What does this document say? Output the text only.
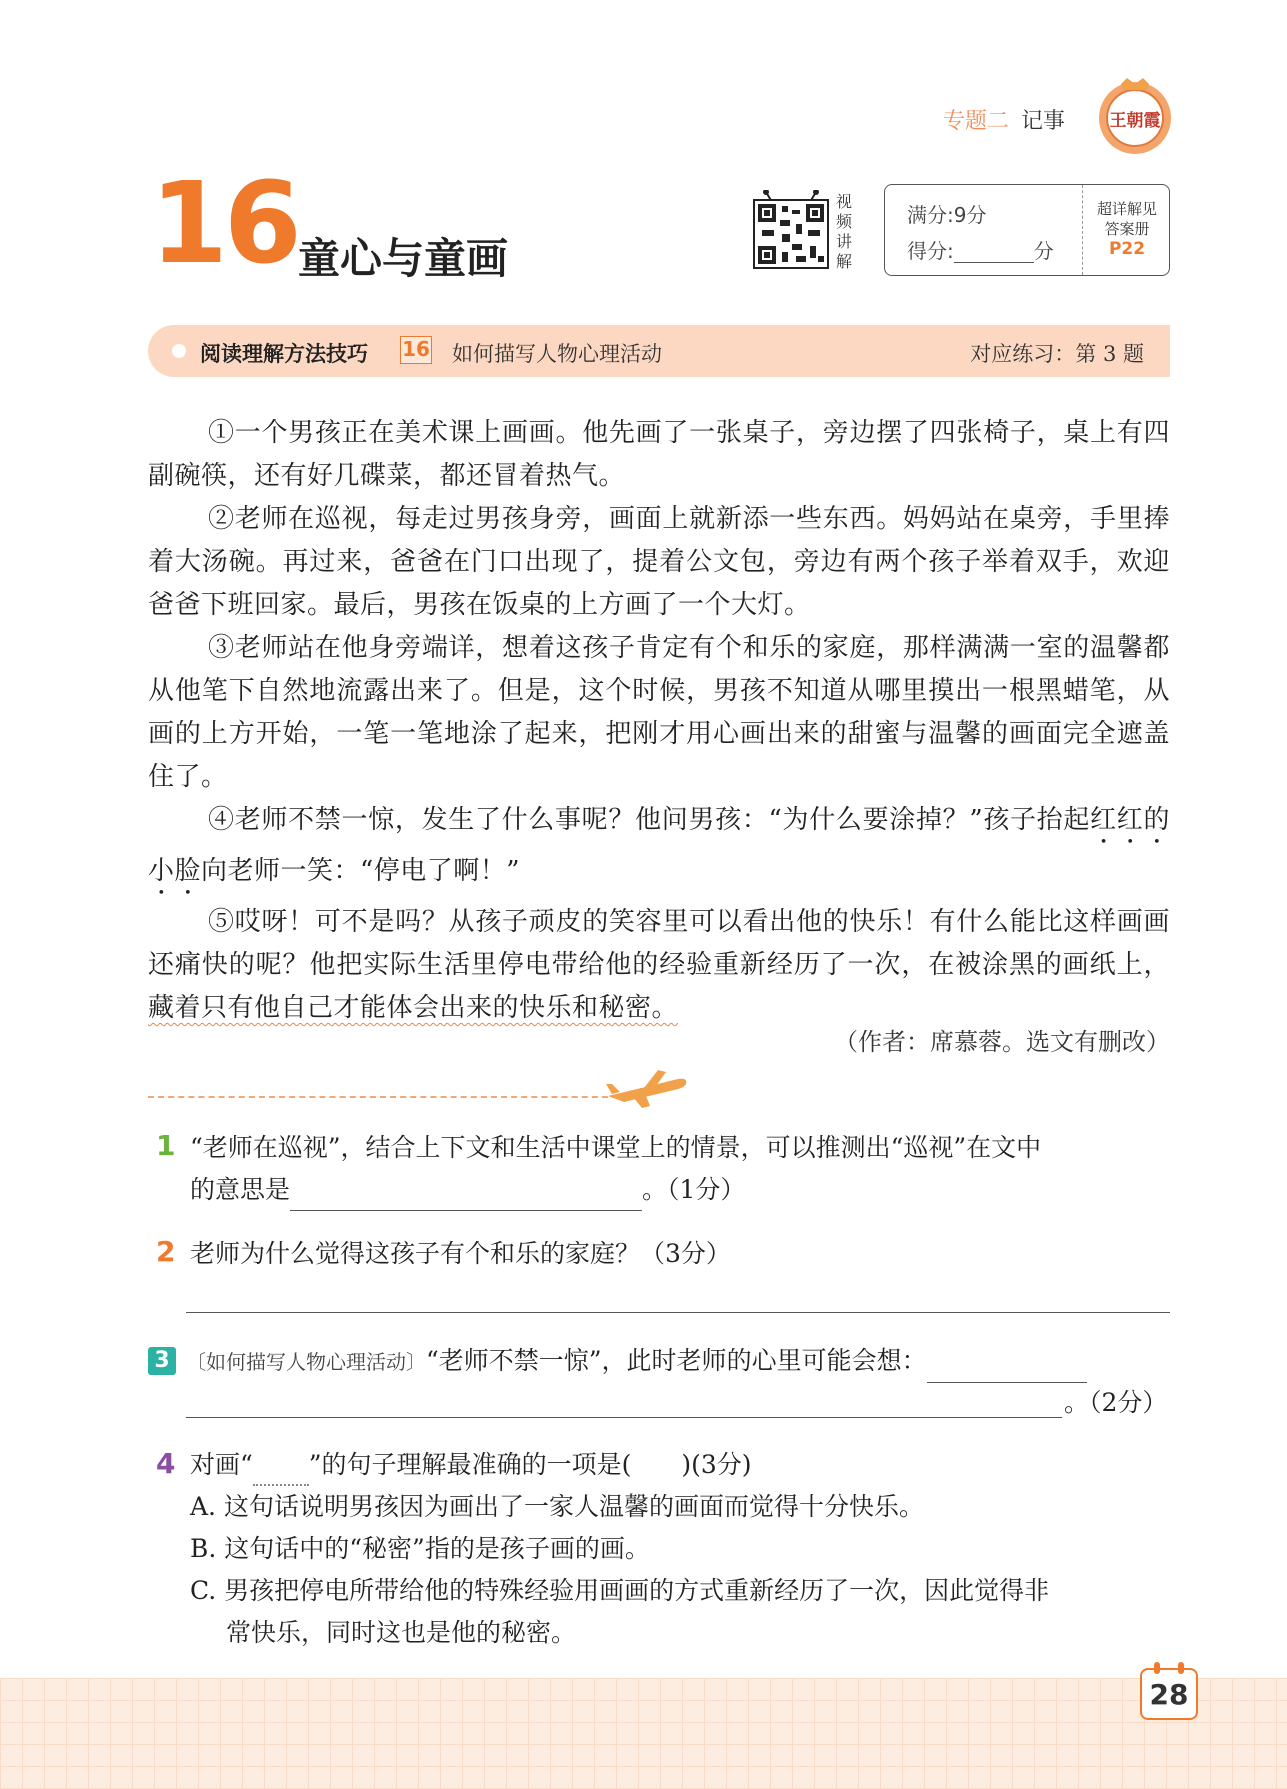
专题二 记事	王朝霞
16 童心与童画
视频讲解
满分:9分
得分:	分
超详解见
答案册
P22
阅读理解方法技巧 16 如何描写人物心理活动	对应练习：第 3 题

①一个男孩正在美术课上画画。他先画了一张桌子，旁边摆了四张椅子，桌上有四副碗筷，还有好几碟菜，都还冒着热气。

②老师在巡视，每走过男孩身旁，画面上就新添一些东西。妈妈站在桌旁，手里捧着大汤碗。再过来，爸爸在门口出现了，提着公文包，旁边有两个孩子举着双手，欢迎爸爸下班回家。最后，男孩在饭桌的上方画了一个大灯。

③老师站在他身旁端详，想着这孩子肯定有个和乐的家庭，那样满满一室的温馨都从他笔下自然地流露出来了。但是，这个时候，男孩不知道从哪里摸出一根黑蜡笔，从画的上方开始，一笔一笔地涂了起来，把刚才用心画出来的甜蜜与温馨的画面完全遮盖住了。

④老师不禁一惊，发生了什么事呢？他问男孩：“为什么要涂掉？”孩子抬起红红的小脸向老师一笑：“停电了啊！”

⑤哎呀！可不是吗？从孩子顽皮的笑容里可以看出他的快乐！有什么能比这样画画还痛快的呢？他把实际生活里停电带给他的经验重新经历了一次，在被涂黑的画纸上，藏着只有他自己才能体会出来的快乐和秘密。

（作者：席慕蓉。选文有删改）
1 “老师在巡视”，结合上下文和生活中课堂上的情景，可以推测出“巡视”在文中
的意思是	。（1分）
2 老师为什么觉得这孩子有个和乐的家庭？（3分）
3 〔如何描写人物心理活动〕“老师不禁一惊”，此时老师的心里可能会想：
。（2分）
4 对画“ ”的句子理解最准确的一项是(　　)(3分)
A. 这句话说明男孩因为画出了一家人温馨的画面而觉得十分快乐。
B. 这句话中的“秘密”指的是孩子画的画。
C. 男孩把停电所带给他的特殊经验用画画的方式重新经历了一次，因此觉得非
常快乐，同时这也是他的秘密。
28
